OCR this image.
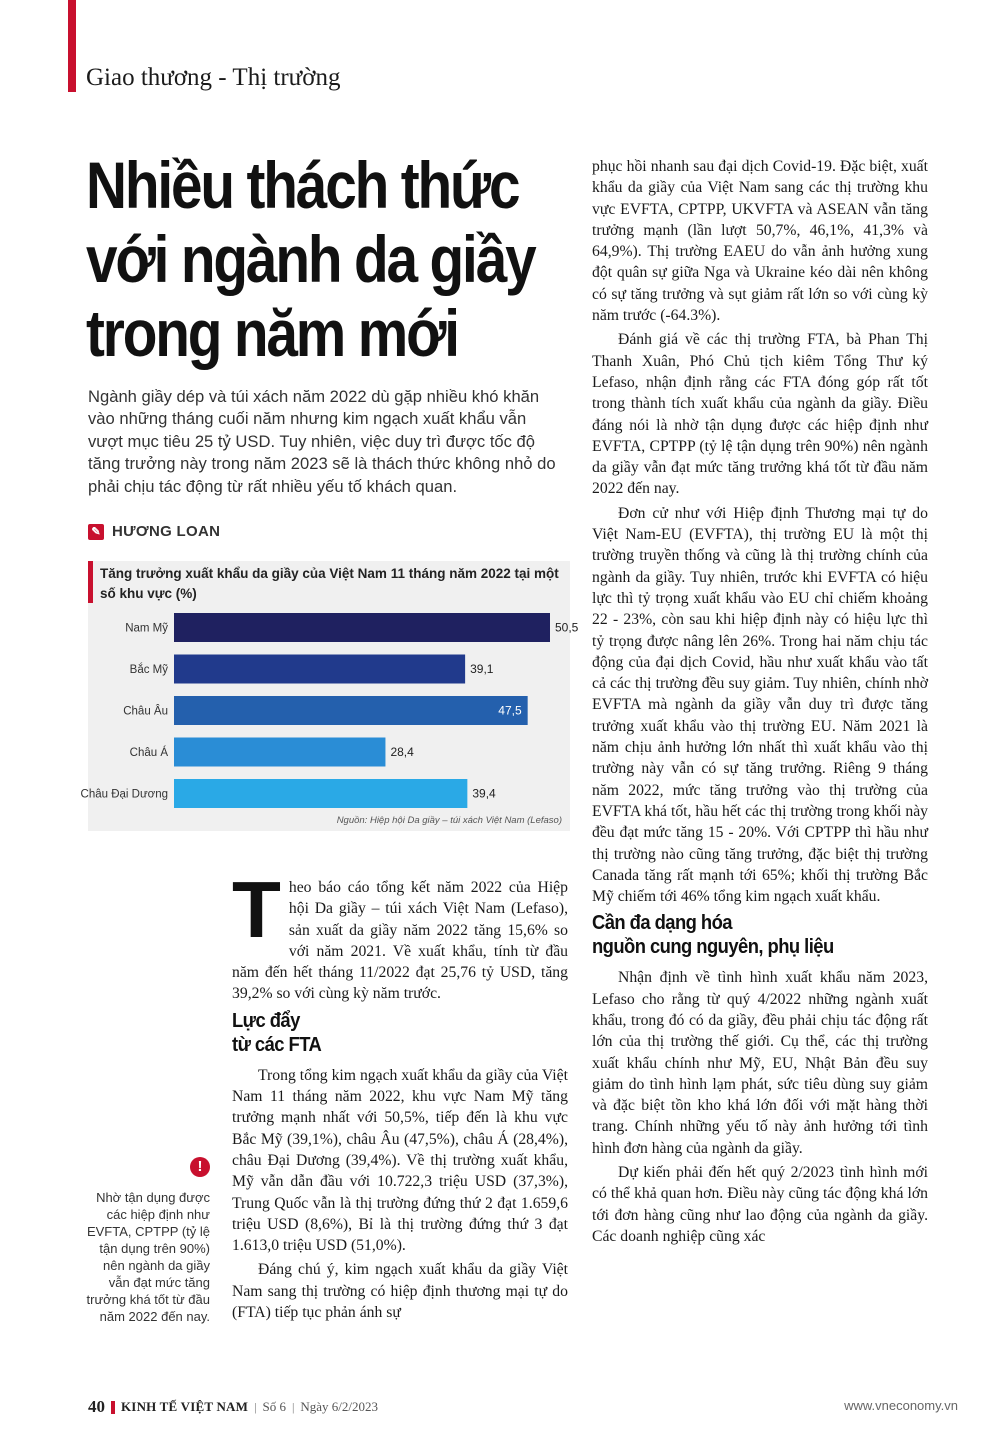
Giao thương - Thị trường
Nhiều thách thức
với ngành da giầy
trong năm mới
Ngành giầy dép và túi xách năm 2022 dù gặp nhiều khó khăn vào những tháng cuối năm nhưng kim ngạch xuất khẩu vẫn vượt mục tiêu 25 tỷ USD. Tuy nhiên, việc duy trì được tốc độ tăng trưởng này trong năm 2023 sẽ là thách thức không nhỏ do phải chịu tác động từ rất nhiều yếu tố khách quan.
✎ HƯƠNG LOAN
Tăng trưởng xuất khẩu da giầy của Việt Nam 11 tháng năm 2022 tại một số khu vực (%)
Nam Mỹ	50,5
Bắc Mỹ	39,1
Châu Âu	47,5
Châu Á	28,4
Châu Đại Dương	39,4
Nguồn: Hiệp hội Da giầy – túi xách Việt Nam (Lefaso)

Theo báo cáo tổng kết năm 2022 của Hiệp hội Da giầy – túi xách Việt Nam (Lefaso), sản xuất da giầy năm 2022 tăng 15,6% so với năm 2021. Về xuất khẩu, tính từ đầu năm đến hết tháng 11/2022 đạt 25,76 tỷ USD, tăng 39,2% so với cùng kỳ năm trước.

Lực đẩy
từ các FTA

Trong tổng kim ngạch xuất khẩu da giầy của Việt Nam 11 tháng năm 2022, khu vực Nam Mỹ tăng trưởng mạnh nhất với 50,5%, tiếp đến là khu vực Bắc Mỹ (39,1%), châu Âu (47,5%), châu Á (28,4%), châu Đại Dương (39,4%). Về thị trường xuất khẩu, Mỹ vẫn dẫn đầu với 10.722,3 triệu USD (37,3%), Trung Quốc vẫn là thị trường đứng thứ 2 đạt 1.659,6 triệu USD (8,6%), Bỉ là thị trường đứng thứ 3 đạt 1.613,0 triệu USD (51,0%).

Đáng chú ý, kim ngạch xuất khẩu da giầy Việt Nam sang thị trường có hiệp định thương mại tự do (FTA) tiếp tục phản ánh sự

!
Nhờ tận dụng được các hiệp định như EVFTA, CPTPP (tỷ lệ tận dụng trên 90%) nên ngành da giầy vẫn đạt mức tăng trưởng khá tốt từ đầu năm 2022 đến nay.

phục hồi nhanh sau đại dịch Covid-19. Đặc biệt, xuất khẩu da giầy của Việt Nam sang các thị trường khu vực EVFTA, CPTPP, UKVFTA và ASEAN vẫn tăng trưởng mạnh (lần lượt 50,7%, 46,1%, 41,3% và 64,9%). Thị trường EAEU do vẫn ảnh hưởng xung đột quân sự giữa Nga và Ukraine kéo dài nên không có sự tăng trưởng và sụt giảm rất lớn so với cùng kỳ năm trước (-64.3%).

Đánh giá về các thị trường FTA, bà Phan Thị Thanh Xuân, Phó Chủ tịch kiêm Tổng Thư ký Lefaso, nhận định rằng các FTA đóng góp rất tốt trong thành tích xuất khẩu của ngành da giầy. Điều đáng nói là nhờ tận dụng được các hiệp định như EVFTA, CPTPP (tỷ lệ tận dụng trên 90%) nên ngành da giầy vẫn đạt mức tăng trưởng khá tốt từ đầu năm 2022 đến nay.

Đơn cử như với Hiệp định Thương mại tự do Việt Nam-EU (EVFTA), thị trường EU là một thị trường truyền thống và cũng là thị trường chính của ngành da giầy. Tuy nhiên, trước khi EVFTA có hiệu lực thì tỷ trọng xuất khẩu vào EU chỉ chiếm khoảng 22 - 23%, còn sau khi hiệp định này có hiệu lực thì tỷ trọng được nâng lên 26%. Trong hai năm chịu tác động của đại dịch Covid, hầu như xuất khẩu vào tất cả các thị trường đều suy giảm. Tuy nhiên, chính nhờ EVFTA mà ngành da giầy vẫn duy trì được tăng trưởng xuất khẩu vào thị trường EU. Năm 2021 là năm chịu ảnh hưởng lớn nhất thì xuất khẩu vào thị trường này vẫn có sự tăng trưởng. Riêng 9 tháng năm 2022, mức tăng trưởng vào thị trường của EVFTA khá tốt, hầu hết các thị trường trong khối này đều đạt mức tăng 15 - 20%. Với CPTPP thì hầu như thị trường nào cũng tăng trưởng, đặc biệt thị trường Canada tăng rất mạnh tới 65%; khối thị trường Bắc Mỹ chiếm tới 46% tổng kim ngạch xuất khẩu.

Cần đa dạng hóa
nguồn cung nguyên, phụ liệu

Nhận định về tình hình xuất khẩu năm 2023, Lefaso cho rằng từ quý 4/2022 những ngành xuất khẩu, trong đó có da giầy, đều phải chịu tác động rất lớn của thị trường thế giới. Cụ thể, các thị trường xuất khẩu chính như Mỹ, EU, Nhật Bản đều suy giảm do tình hình lạm phát, sức tiêu dùng suy giảm và đặc biệt tồn kho khá lớn đối với mặt hàng thời trang. Chính những yếu tố này ảnh hưởng tới tình hình đơn hàng của ngành da giầy.

Dự kiến phải đến hết quý 2/2023 tình hình mới có thể khả quan hơn. Điều này cũng tác động khá lớn tới đơn hàng cũng như lao động của ngành da giầy. Các doanh nghiệp cũng xác

40 KINH TẾ VIỆT NAM | Số 6 | Ngày 6/2/2023	www.vneconomy.vn
